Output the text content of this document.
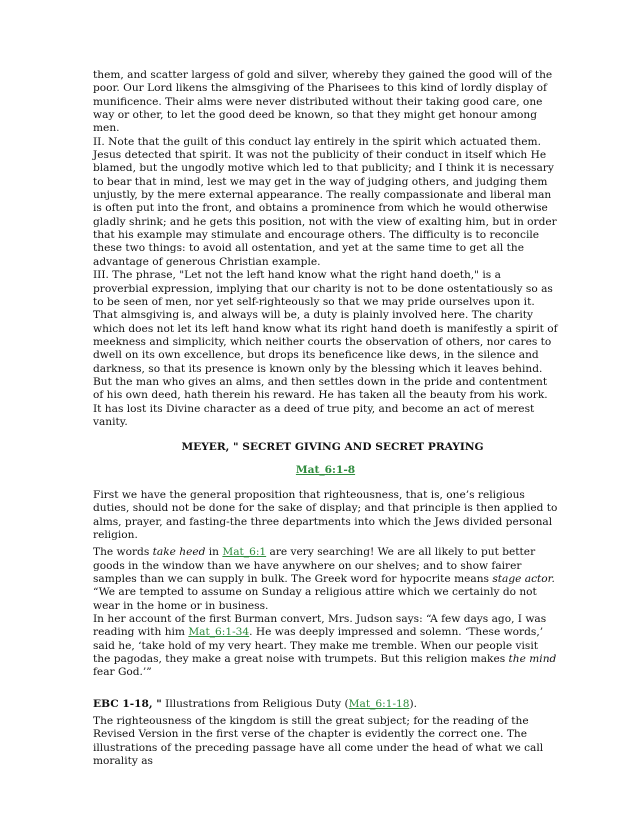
them, and scatter largess of gold and silver, whereby they gained the good will of the poor. Our Lord likens the almsgiving of the Pharisees to this kind of lordly display of munificence. Their alms were never distributed without their taking good care, one way or other, to let the good deed be known, so that they might get honour among men.

II. Note that the guilt of this conduct lay entirely in the spirit which actuated them. Jesus detected that spirit. It was not the publicity of their conduct in itself which He blamed, but the ungodly motive which led to that publicity; and I think it is necessary to bear that in mind, lest we may get in the way of judging others, and judging them unjustly, by the mere external appearance. The really compassionate and liberal man is often put into the front, and obtains a prominence from which he would otherwise gladly shrink; and he gets this position, not with the view of exalting him, but in order that his example may stimulate and encourage others. The difficulty is to reconcile these two things: to avoid all ostentation, and yet at the same time to get all the advantage of generous Christian example.

III. The phrase, "Let not the left hand know what the right hand doeth," is a proverbial expression, implying that our charity is not to be done ostentatiously so as to be seen of men, nor yet self-righteously so that we may pride ourselves upon it. That almsgiving is, and always will be, a duty is plainly involved here. The charity which does not let its left hand know what its right hand doeth is manifestly a spirit of meekness and simplicity, which neither courts the observation of others, nor cares to dwell on its own excellence, but drops its beneficence like dews, in the silence and darkness, so that its presence is known only by the blessing which it leaves behind. But the man who gives an alms, and then settles down in the pride and contentment of his own deed, hath therein his reward. He has taken all the beauty from his work. It has lost its Divine character as a deed of true pity, and become an act of merest vanity.

MEYER, " SECRET GIVING AND SECRET PRAYING

Mat_6:1-8

First we have the general proposition that righteousness, that is, one’s religious duties, should not be done for the sake of display; and that principle is then applied to alms, prayer, and fasting-the three departments into which the Jews divided personal religion.

The words take heed in Mat_6:1 are very searching! We are all likely to put better goods in the window than we have anywhere on our shelves; and to show fairer samples than we can supply in bulk. The Greek word for hypocrite means stage actor. “We are tempted to assume on Sunday a religious attire which we certainly do not wear in the home or in business.

In her account of the first Burman convert, Mrs. Judson says: “A few days ago, I was reading with him Mat_6:1-34. He was deeply impressed and solemn. ‘These words,’ said he, ‘take hold of my very heart. They make me tremble. When our people visit the pagodas, they make a great noise with trumpets. But this religion makes the mind fear God.’”

EBC 1-18, " Illustrations from Religious Duty (Mat_6:1-18).

The righteousness of the kingdom is still the great subject; for the reading of the Revised Version in the first verse of the chapter is evidently the correct one. The illustrations of the preceding passage have all come under the head of what we call morality as
